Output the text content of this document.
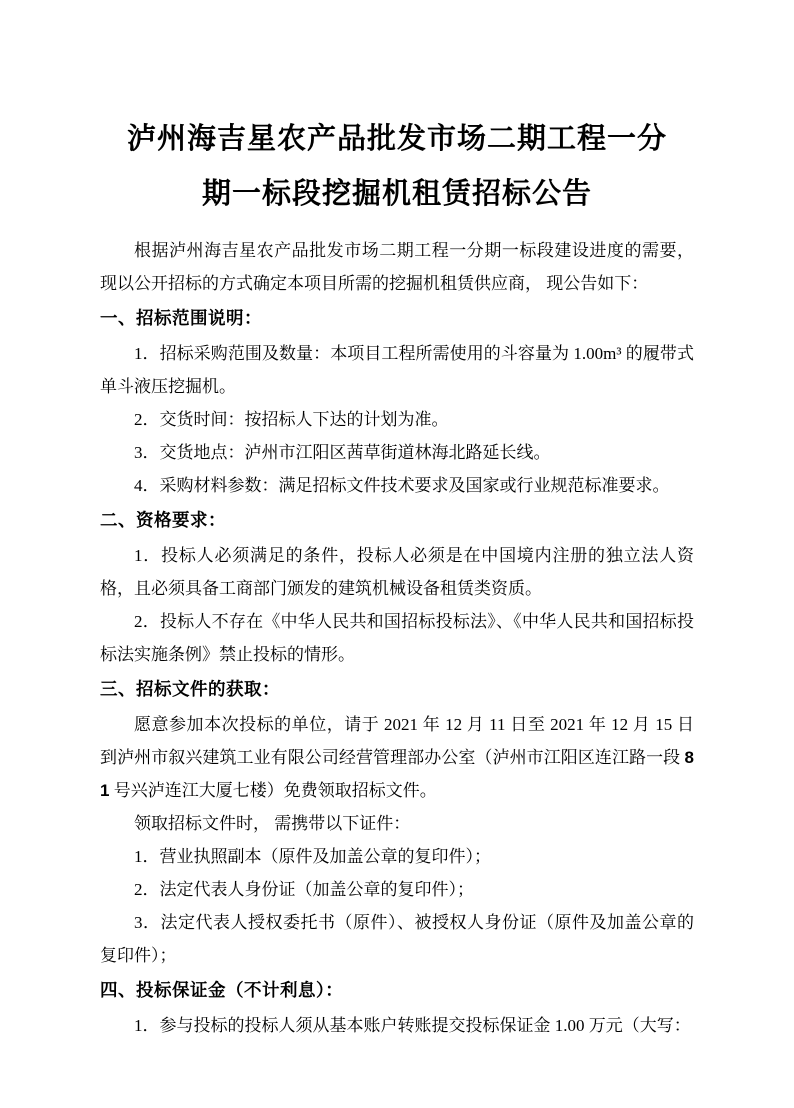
泸州海吉星农产品批发市场二期工程一分
期一标段挖掘机租赁招标公告

根据泸州海吉星农产品批发市场二期工程一分期一标段建设进度的需要，现以公开招标的方式确定本项目所需的挖掘机租赁供应商， 现公告如下：

一、招标范围说明：

1．招标采购范围及数量：本项目工程所需使用的斗容量为 1.00m³ 的履带式单斗液压挖掘机。

2．交货时间：按招标人下达的计划为准。

3．交货地点：泸州市江阳区茜草街道林海北路延长线。

4．采购材料参数：满足招标文件技术要求及国家或行业规范标准要求。

二、资格要求：

1．投标人必须满足的条件，投标人必须是在中国境内注册的独立法人资格，且必须具备工商部门颁发的建筑机械设备租赁类资质。

2．投标人不存在《中华人民共和国招标投标法》、《中华人民共和国招标投标法实施条例》禁止投标的情形。

三、招标文件的获取：

愿意参加本次投标的单位，请于 2021 年 12 月 11 日至 2021 年 12 月 15 日到泸州市叙兴建筑工业有限公司经营管理部办公室（泸州市江阳区连江路一段 81 号兴泸连江大厦七楼）免费领取招标文件。

领取招标文件时， 需携带以下证件：

1．营业执照副本（原件及加盖公章的复印件）；

2．法定代表人身份证（加盖公章的复印件）；

3．法定代表人授权委托书（原件）、被授权人身份证（原件及加盖公章的复印件）；

四、投标保证金（不计利息）：

1．参与投标的投标人须从基本账户转账提交投标保证金 1.00 万元（大写：
